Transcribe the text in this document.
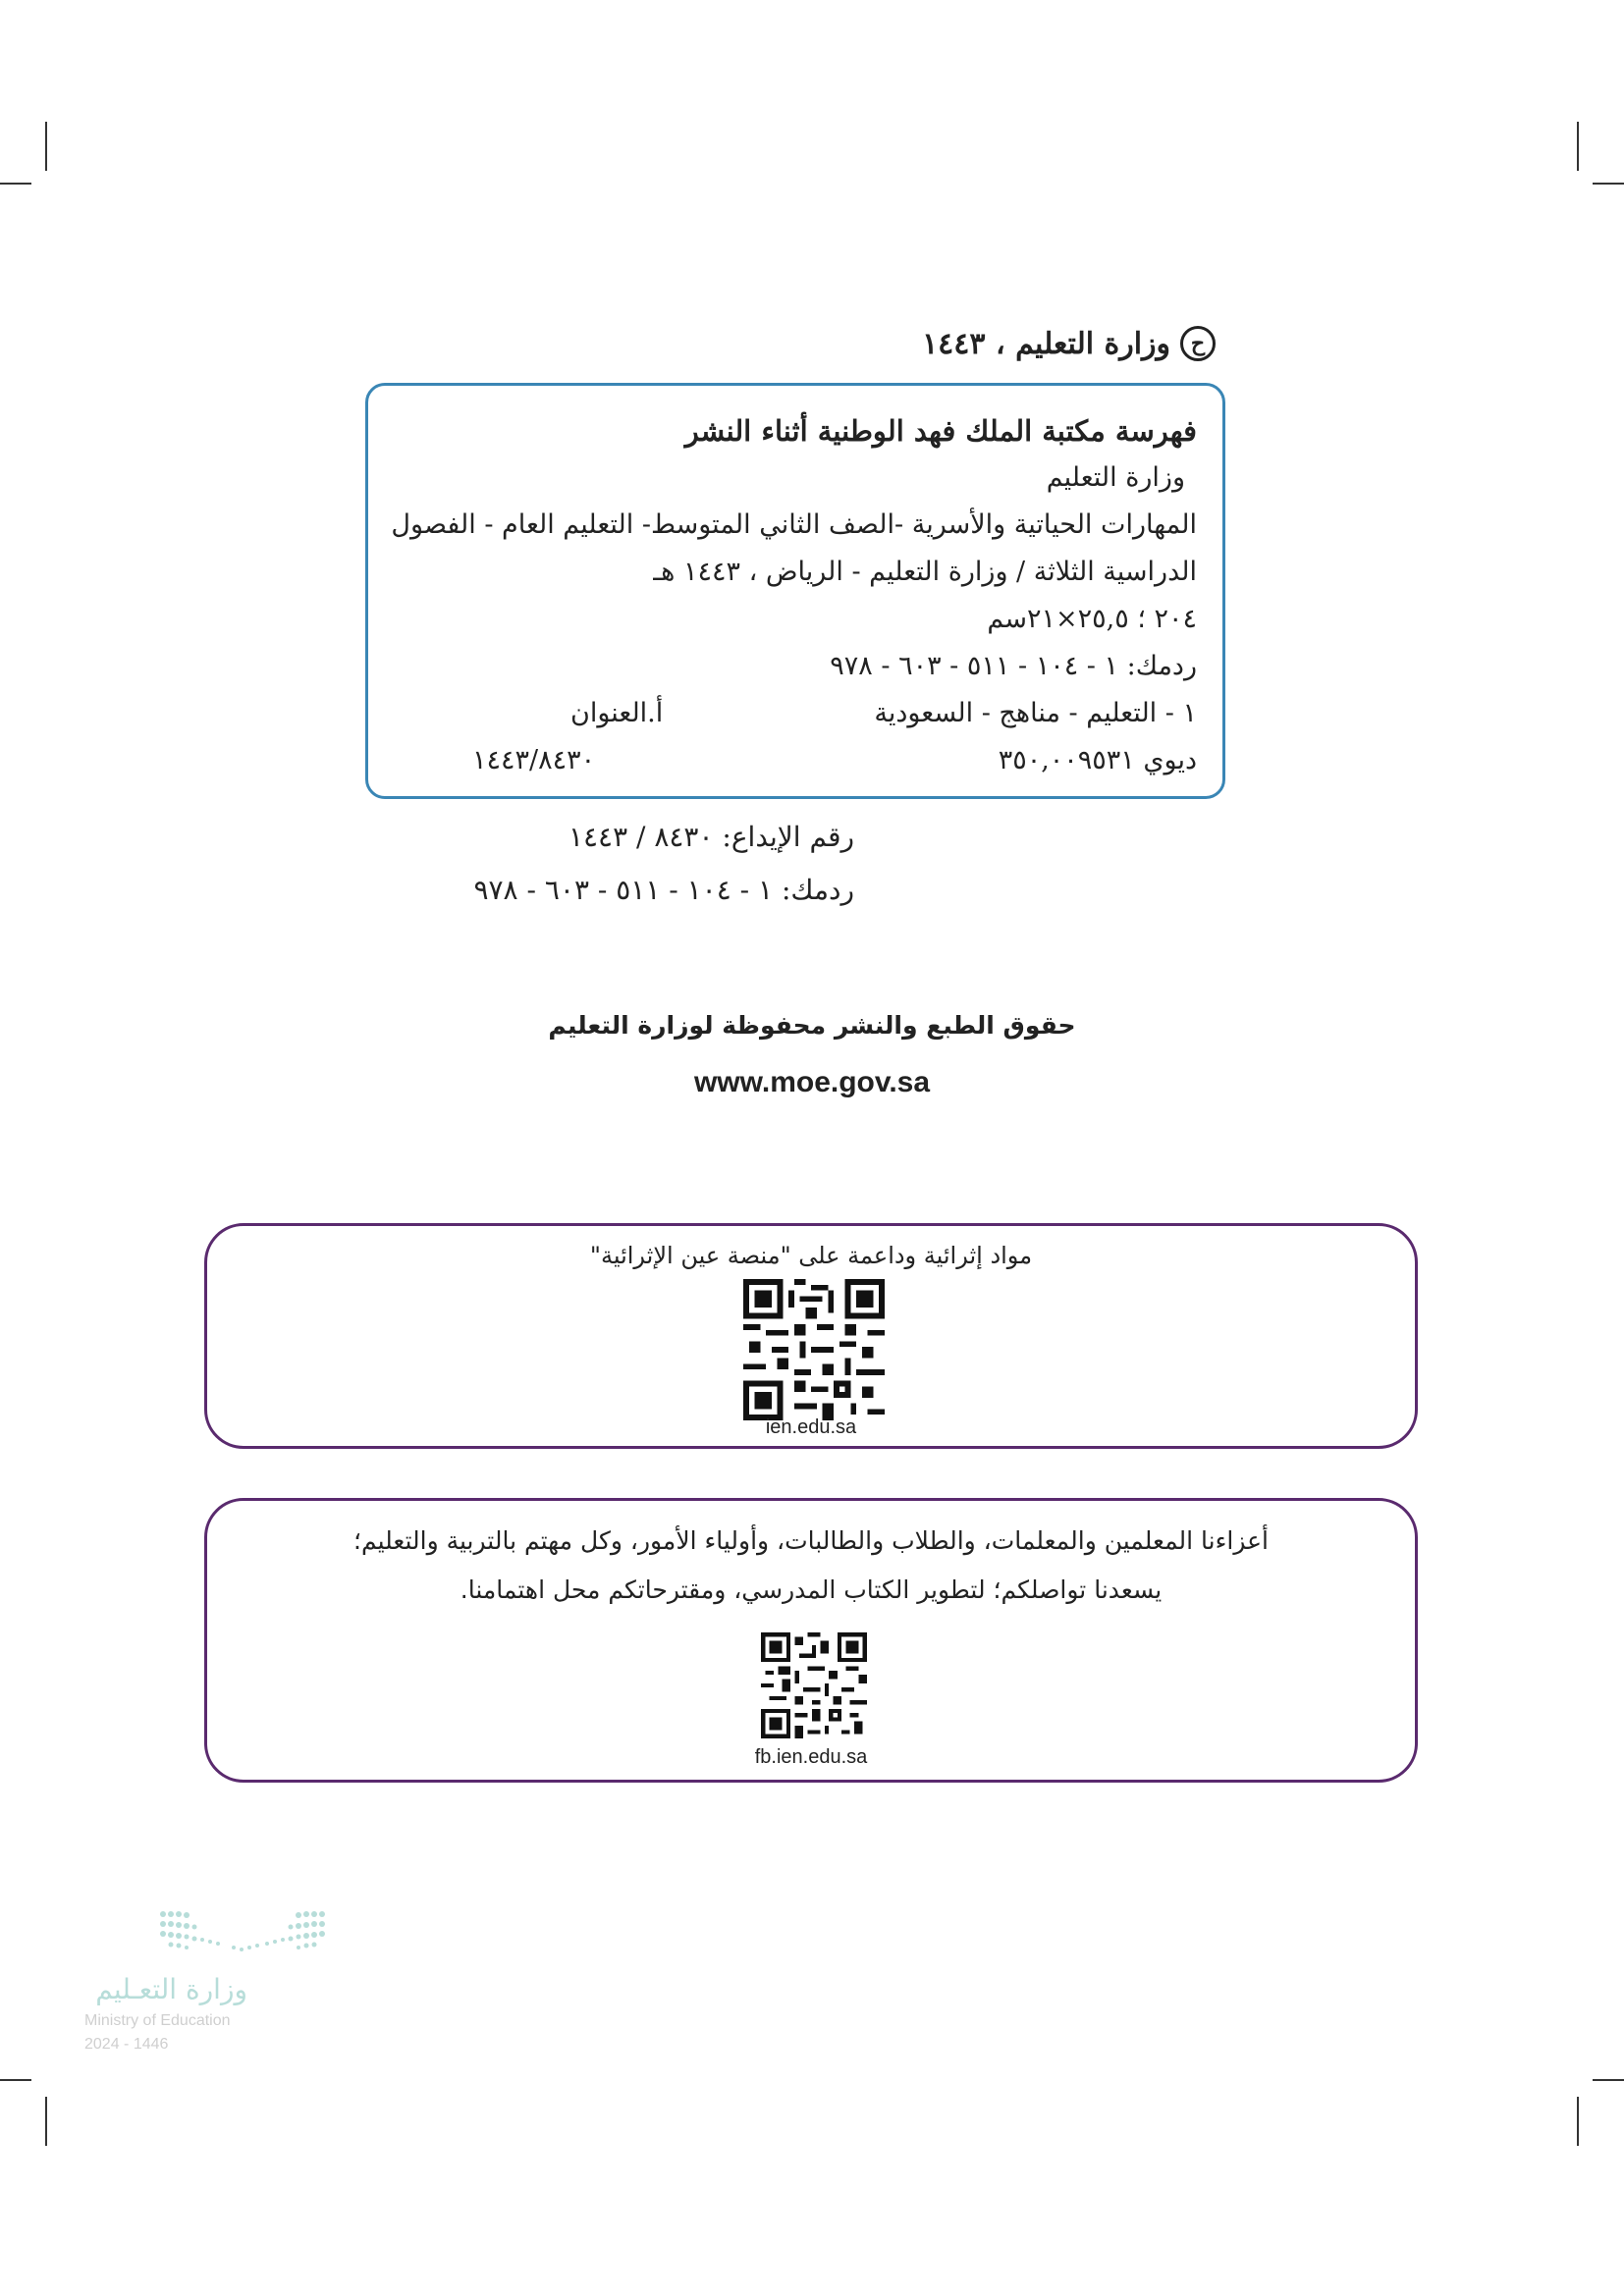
ح
وزارة التعليم ، ١٤٤٣
فهرسة مكتبة الملك فهد الوطنية أثناء النشر
وزارة التعليم
المهارات الحياتية والأسرية -الصف الثاني المتوسط- التعليم العام - الفصول
الدراسية الثلاثة / وزارة التعليم - الرياض ، ١٤٤٣ هـ
٢٠٤ ؛ ٢٥,٥×٢١سم
ردمك: ١ - ١٠٤ - ٥١١ - ٦٠٣ - ٩٧٨
١ - التعليم - مناهج - السعودية
أ.العنوان
ديوي ٣٥٠,٠٠٩٥٣١
١٤٤٣/٨٤٣٠
رقم الإيداع: ٨٤٣٠ / ١٤٤٣
ردمك: ١ - ١٠٤ - ٥١١ - ٦٠٣ - ٩٧٨
حقوق الطبع والنشر محفوظة لوزارة التعليم
www.moe.gov.sa
مواد إثرائية وداعمة على "منصة عين الإثرائية"
ien.edu.sa
أعزاءنا المعلمين والمعلمات، والطلاب والطالبات، وأولياء الأمور، وكل مهتم بالتربية والتعليم؛
يسعدنا تواصلكم؛ لتطوير الكتاب المدرسي، ومقترحاتكم محل اهتمامنا.
fb.ien.edu.sa
وزارة التعـليم
Ministry of Education
2024 - 1446
